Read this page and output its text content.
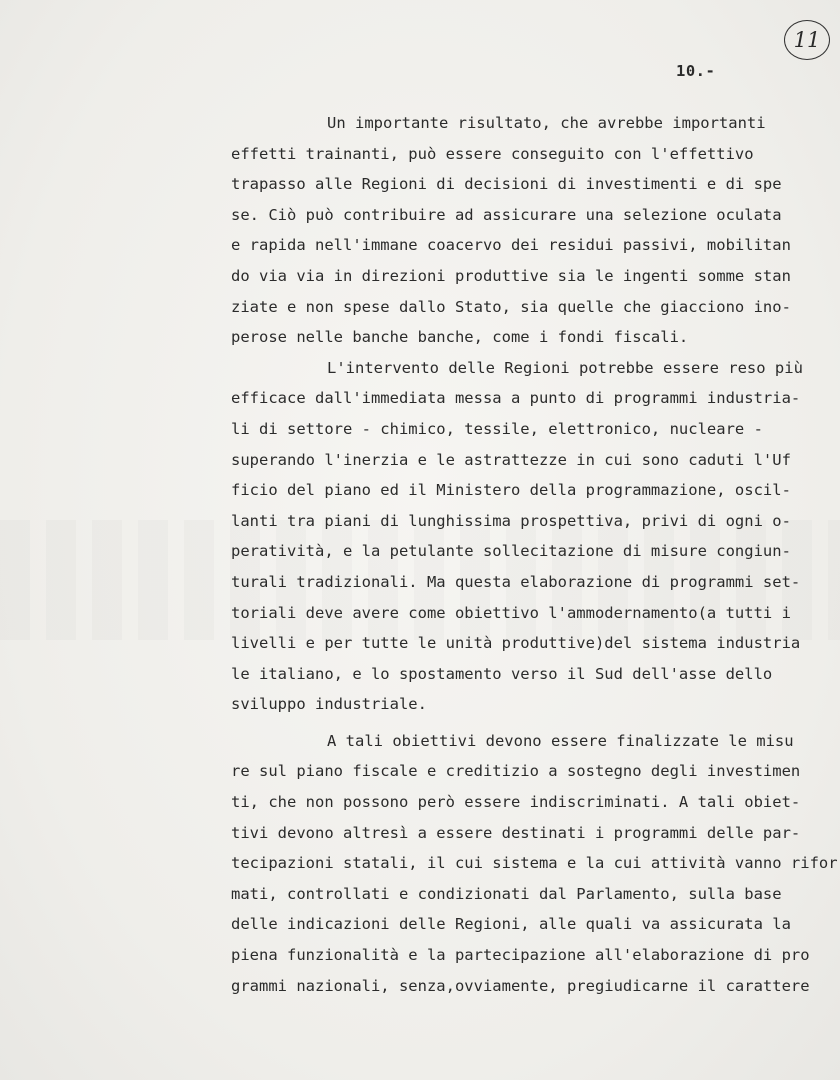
11
10.-
Un importante risultato, che avrebbe importanti
effetti trainanti, può essere conseguito con l'effettivo
trapasso alle Regioni di decisioni di investimenti e di spe
se. Ciò può contribuire ad assicurare una selezione oculata
e rapida nell'immane coacervo dei residui passivi, mobilitan
do via via in direzioni produttive sia le ingenti somme stan
ziate e non spese dallo Stato, sia quelle che giacciono ino-
perose nelle banche banche, come i fondi fiscali.
L'intervento delle Regioni potrebbe essere reso più
efficace dall'immediata messa a punto di programmi industria-
li di settore - chimico, tessile, elettronico, nucleare -
superando l'inerzia e le astrattezze in cui sono caduti l'Uf
ficio del piano ed il Ministero della programmazione, oscil-
lanti tra piani di lunghissima prospettiva, privi di ogni o-
peratività, e la petulante sollecitazione di misure congiun-
turali tradizionali. Ma questa elaborazione di programmi set-
toriali deve avere come obiettivo l'ammodernamento(a tutti i
livelli e per tutte le unità produttive)del sistema industria
le italiano, e lo spostamento verso il Sud dell'asse dello
sviluppo industriale.
A tali obiettivi devono essere finalizzate le misu
re sul piano fiscale e creditizio a sostegno degli investimen
ti, che non possono però essere indiscriminati. A tali obiet-
tivi devono altresì a essere destinati i programmi delle par-
tecipazioni statali, il cui sistema e la cui attività vanno rifor
mati, controllati e condizionati dal Parlamento, sulla base
delle indicazioni delle Regioni, alle quali va assicurata la
piena funzionalità e la partecipazione all'elaborazione di pro
grammi nazionali, senza,ovviamente, pregiudicarne il carattere
